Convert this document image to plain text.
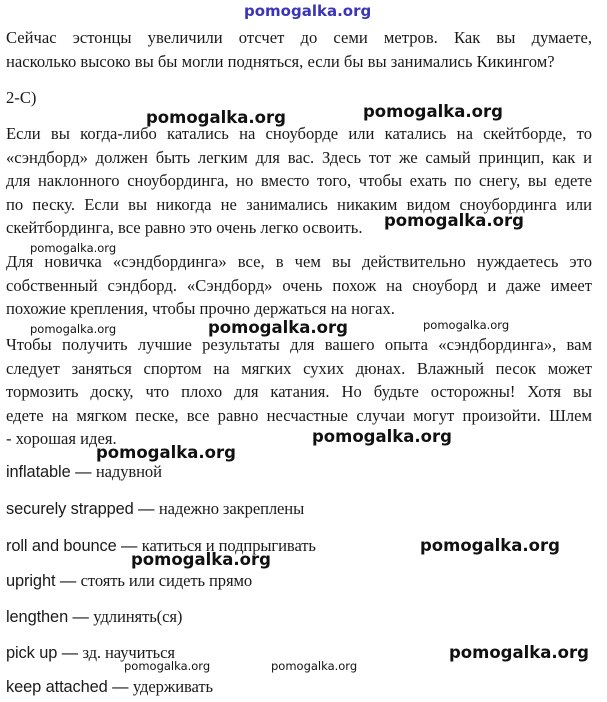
pomogalka.org
Сейчас эстонцы увеличили отсчет до семи метров. Как вы думаете,
насколько высоко вы бы могли подняться, если бы вы занимались Кикингом?
2-С)
pomogalka.org	pomogalka.org
Если вы когда-либо катались на сноуборде или катались на скейтборде, то
«сэндборд» должен быть легким для вас. Здесь тот же самый принцип, как и
для наклонного сноубординга, но вместо того, чтобы ехать по снегу, вы едете
по песку. Если вы никогда не занимались никаким видом сноубординга или
скейтбординга, все равно это очень легко освоить.	pomogalka.org
pomogalka.org
Для новичка «сэндбординга» все, в чем вы действительно нуждаетесь это
собственный сэндборд. «Сэндборд» очень похож на сноуборд и даже имеет
похожие крепления, чтобы прочно держаться на ногах.
pomogalka.org	pomogalka.org	pomogalka.org
Чтобы получить лучшие результаты для вашего опыта «сэндбординга», вам
следует заняться спортом на мягких сухих дюнах. Влажный песок может
тормозить доску, что плохо для катания. Но будьте осторожны! Хотя вы
едете на мягком песке, все равно несчастные случаи могут произойти. Шлем
- хорошая идея.	pomogalka.org
pomogalka.org
inflatable — надувной
securely strapped — надежно закреплены
roll and bounce — катиться и подпрыгивать	pomogalka.org
pomogalka.org
upright — стоять или сидеть прямо
lengthen — удлинять(ся)
pick up — зд. научиться	pomogalka.org
pomogalka.org	pomogalka.org
keep attached — удерживать
